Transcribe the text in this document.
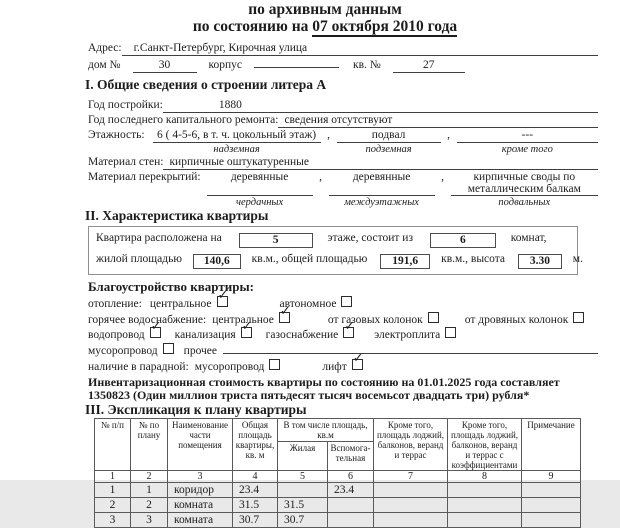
по архивным данным
по состоянию на 07 октября 2010 года
Адрес:	г.Санкт-Петербург, Кирочная улица
дом №	30	корпус	кв. №	27
I. Общие сведения о строении литера А
Год постройки:	1880
Год последнего капитального ремонта: сведения отсутствуют
Этажность:	6 ( 4-5-6, в т. ч. цокольный этаж)
надземная
,	подвал
подземная
,	---
кроме того
Материал стен: кирпичные оштукатуренные
Материал перекрытий:	деревянные
чердачных
,	деревянные
междуэтажных
,	кирпичные своды по металлическим балкам
подвальных
II. Характеристика квартиры
Квартира расположена на	5	этаже, состоит из	6	комнат,
жилой площадью 140,6 кв.м., общей площадью 191,6 кв.м., высота 3.30 м.
Благоустройство квартиры:
отопление: центральное ✓	автономное
горячее водоснабжение: центральное ✓	от газовых колонок	от дровяных колонок
водопровод ✓	канализация ✓	газоснабжение ✓	электроплита
мусоропровод прочее
наличие в парадной: мусоропровод	лифт
✓
Инвентаризационная стоимость квартиры по состоянию на 01.01.2025 года составляет
1350823 (Один миллион триста пятьдесят тысяч восемьсот двадцать три) рубля*
III. Экспликация к плану квартиры
№ п/п	№ по плану	Наименование части помещения	Общая площадь квартиры, кв. м	В том числе площадь, кв.м		Кроме того, площадь лоджий, балконов, веранд и террас	Кроме того, площадь лоджий, балконов, веранд и террас с коэффициентами	Примечание
				Жилая	Вспомога-тельная			
1	2	3	4	5	6	7	8	9
1	1	коридор	23.4		23.4			
2	2	комната	31.5	31.5				
3	3	комната	30.7	30.7				
